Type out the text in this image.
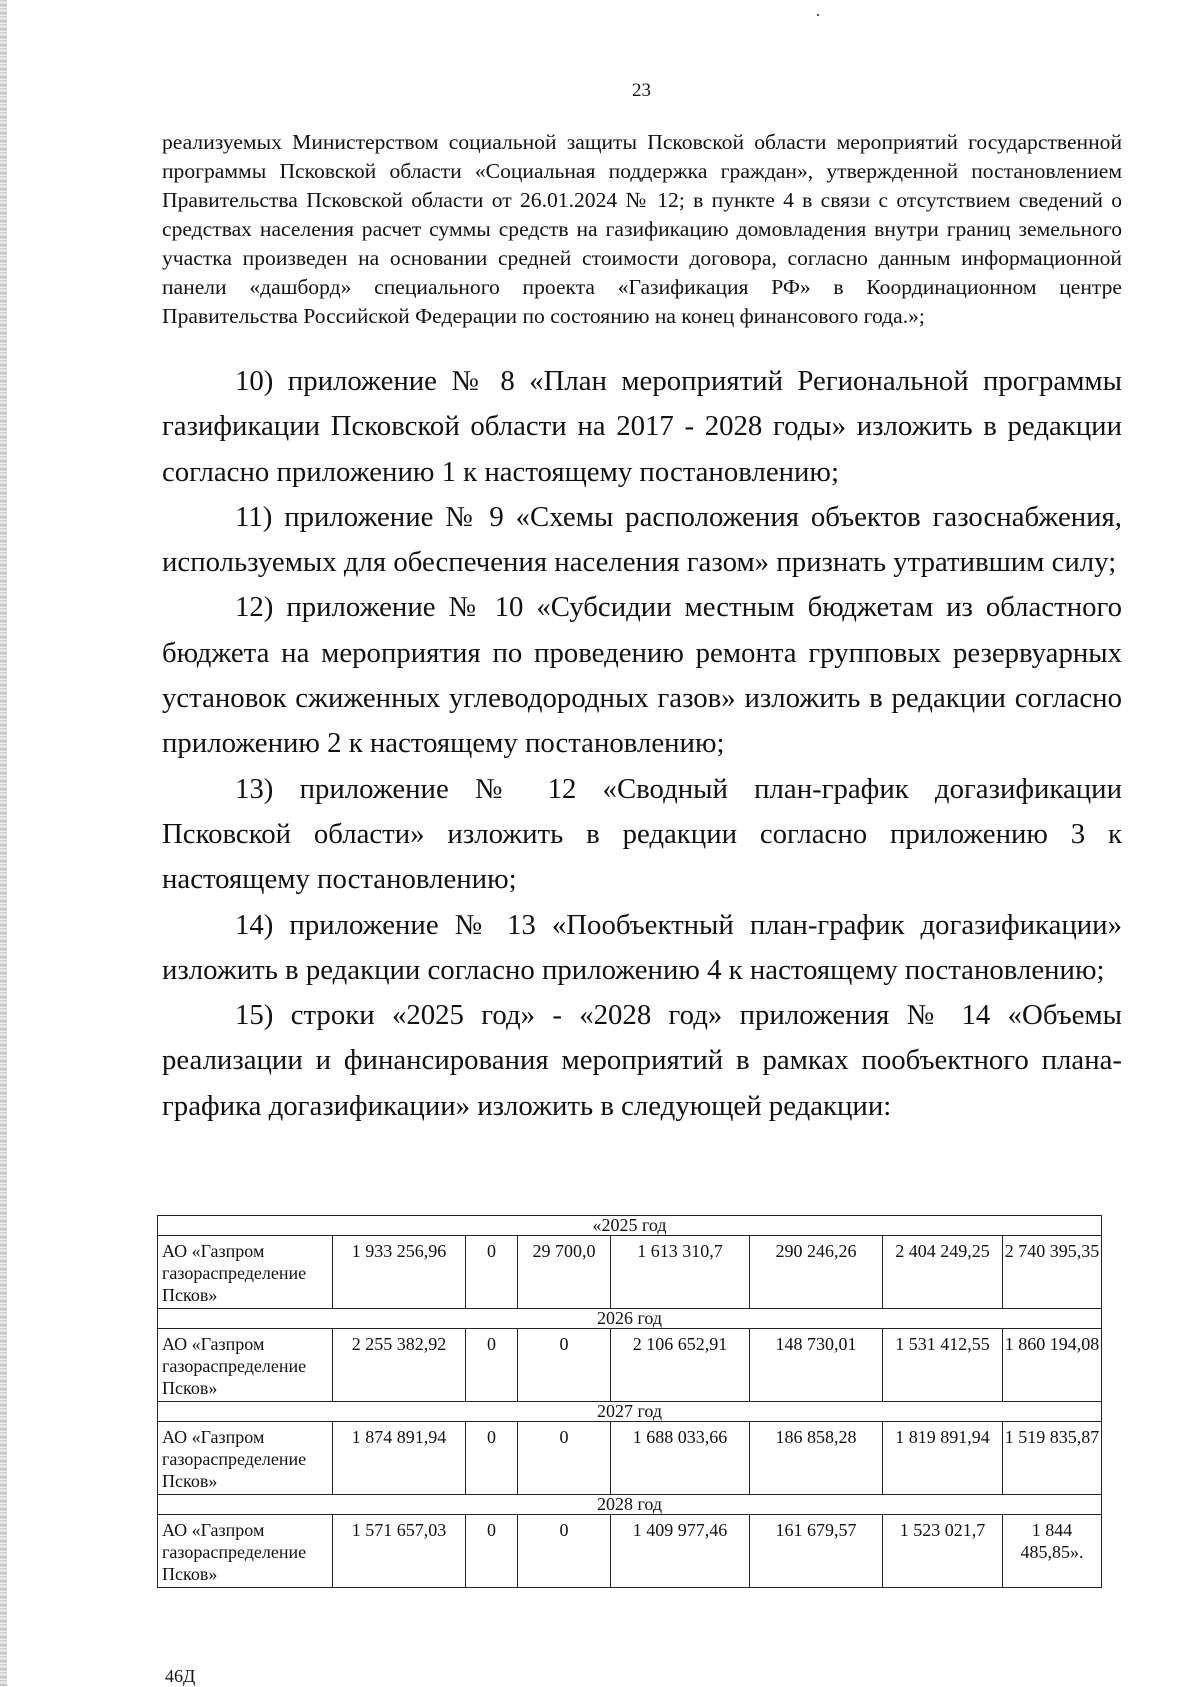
23

реализуемых Министерством социальной защиты Псковской области мероприятий государственной программы Псковской области «Социальная поддержка граждан», утвержденной постановлением Правительства Псковской области от 26.01.2024 № 12; в пункте 4 в связи с отсутствием сведений о средствах населения расчет суммы средств на газификацию домовладения внутри границ земельного участка произведен на основании средней стоимости договора, согласно данным информационной панели «дашборд» специального проекта «Газификация РФ» в Координационном центре Правительства Российской Федерации по состоянию на конец финансового года.»;

10) приложение № 8 «План мероприятий Региональной программы газификации Псковской области на 2017 - 2028 годы» изложить в редакции согласно приложению 1 к настоящему постановлению;

11) приложение № 9 «Схемы расположения объектов газоснабжения, используемых для обеспечения населения газом» признать утратившим силу;

12) приложение № 10 «Субсидии местным бюджетам из областного бюджета на мероприятия по проведению ремонта групповых резервуарных установок сжиженных углеводородных газов» изложить в редакции согласно приложению 2 к настоящему постановлению;

13) приложение № 12 «Сводный план-график догазификации Псковской области» изложить в редакции согласно приложению 3 к настоящему постановлению;

14) приложение № 13 «Пообъектный план-график догазификации» изложить в редакции согласно приложению 4 к настоящему постановлению;

15) строки «2025 год» - «2028 год» приложения № 14 «Объемы реализации и финансирования мероприятий в рамках пообъектного плана-графика догазификации» изложить в следующей редакции:

«2025 год							

АО «Газпром
газораспределение
Псков»	1 933 256,96	0	29 700,0	1 613 310,7	290 246,26	2 404 249,25	2 740 395,35
2026 год							

АО «Газпром
газораспределение
Псков»	2 255 382,92	0	0	2 106 652,91	148 730,01	1 531 412,55	1 860 194,08
2027 год							

АО «Газпром
газораспределение
Псков»	1 874 891,94	0	0	1 688 033,66	186 858,28	1 819 891,94	1 519 835,87
2028 год							

АО «Газпром
газораспределение
Псков»	1 571 657,03	0	0	1 409 977,46	161 679,57	1 523 021,7	1 844 485,85».
46Д
